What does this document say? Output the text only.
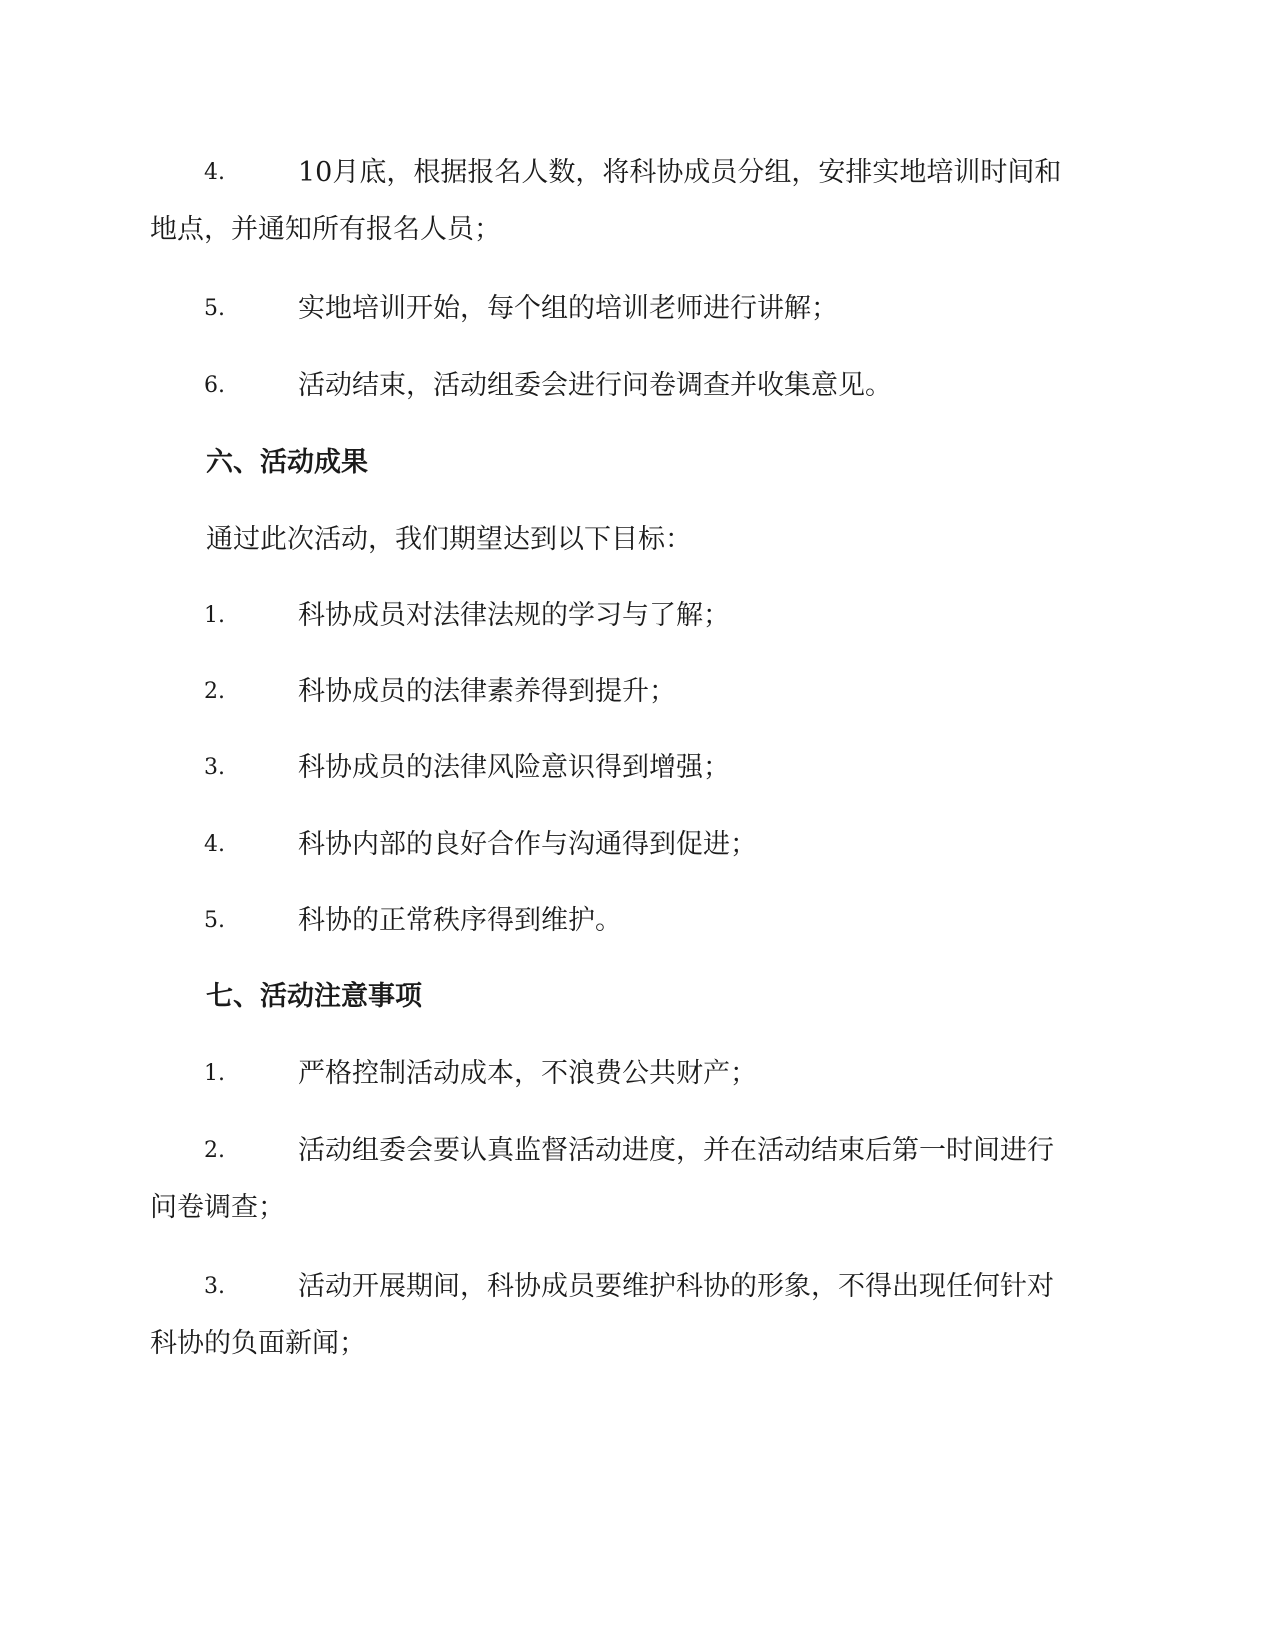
4.	10月底，根据报名人数，将科协成员分组，安排实地培训时间和
地点，并通知所有报名人员；
5.	实地培训开始，每个组的培训老师进行讲解；
6.	活动结束，活动组委会进行问卷调查并收集意见。
六、活动成果
通过此次活动，我们期望达到以下目标：
1.	科协成员对法律法规的学习与了解；
2.	科协成员的法律素养得到提升；
3.	科协成员的法律风险意识得到增强；
4.	科协内部的良好合作与沟通得到促进；
5.	科协的正常秩序得到维护。
七、活动注意事项
1.	严格控制活动成本，不浪费公共财产；
2.	活动组委会要认真监督活动进度，并在活动结束后第一时间进行
问卷调查；
3.	活动开展期间，科协成员要维护科协的形象，不得出现任何针对
科协的负面新闻；
